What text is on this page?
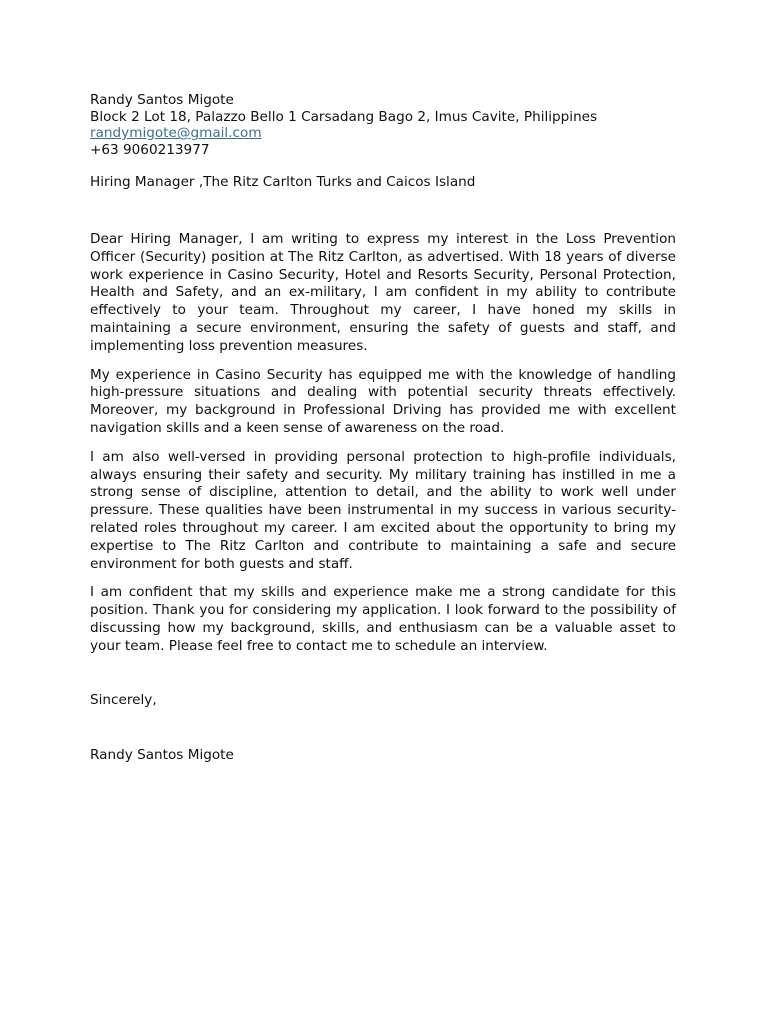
Randy Santos Migote
Block 2 Lot 18, Palazzo Bello 1 Carsadang Bago 2, Imus Cavite, Philippines
randymigote@gmail.com
+63 9060213977
Hiring Manager ,The Ritz Carlton Turks and Caicos Island

Dear Hiring Manager, I am writing to express my interest in the Loss Prevention Officer (Security) position at The Ritz Carlton, as advertised. With 18 years of diverse work experience in Casino Security, Hotel and Resorts Security, Personal Protection, Health and Safety, and an ex-military, I am confident in my ability to contribute effectively to your team. Throughout my career, I have honed my skills in maintaining a secure environment, ensuring the safety of guests and staff, and implementing loss prevention measures.

My experience in Casino Security has equipped me with the knowledge of handling high-pressure situations and dealing with potential security threats effectively. Moreover, my background in Professional Driving has provided me with excellent navigation skills and a keen sense of awareness on the road.

I am also well-versed in providing personal protection to high-profile individuals, always ensuring their safety and security. My military training has instilled in me a strong sense of discipline, attention to detail, and the ability to work well under pressure. These qualities have been instrumental in my success in various security-related roles throughout my career. I am excited about the opportunity to bring my expertise to The Ritz Carlton and contribute to maintaining a safe and secure environment for both guests and staff.

I am confident that my skills and experience make me a strong candidate for this position. Thank you for considering my application. I look forward to the possibility of discussing how my background, skills, and enthusiasm can be a valuable asset to your team. Please feel free to contact me to schedule an interview.

Sincerely,
Randy Santos Migote
